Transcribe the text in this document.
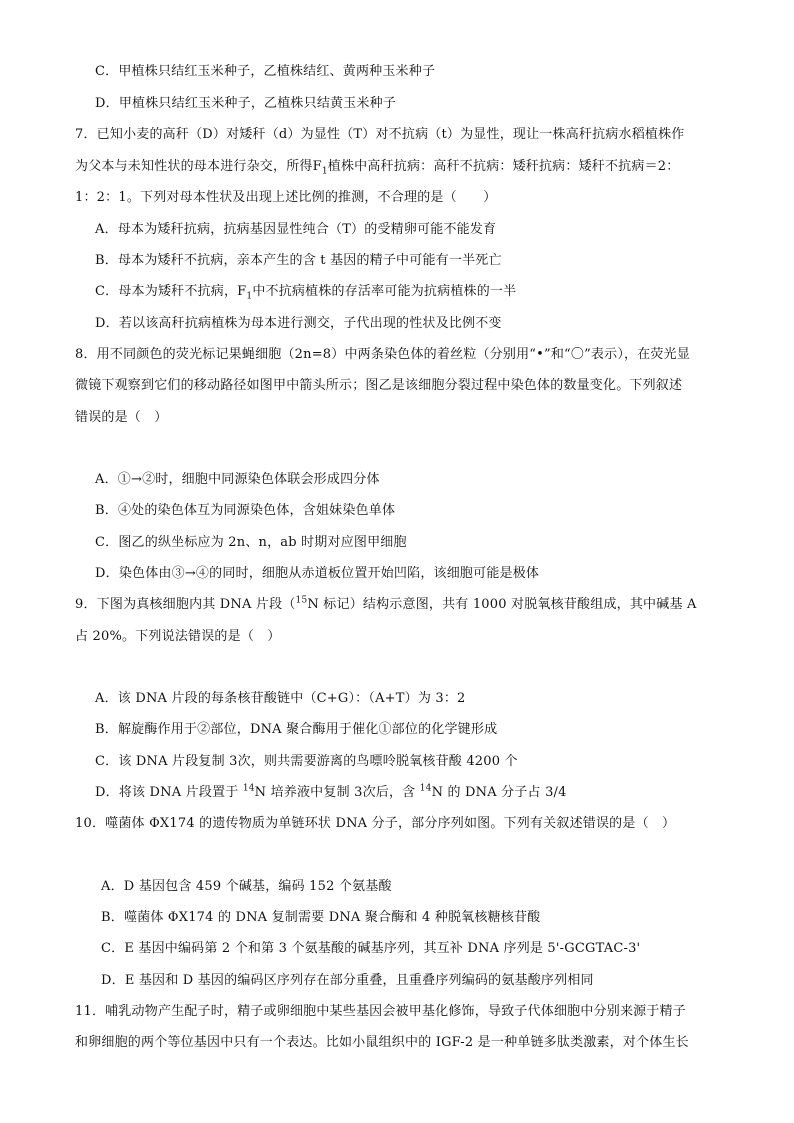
C．甲植株只结红玉米种子，乙植株结红、黄两种玉米种子
D．甲植株只结红玉米种子，乙植株只结黄玉米种子
7．已知小麦的高秆（D）对矮秆（d）为显性（T）对不抗病（t）为显性，现让一株高秆抗病水稻植株作
为父本与未知性状的母本进行杂交，所得$F_1$植株中高秆抗病：高秆不抗病：矮秆抗病：矮秆不抗病＝2：
1：2：1。下列对母本性状及出现上述比例的推测，不合理的是（　　）
A．母本为矮秆抗病，抗病基因显性纯合（T）的受精卵可能不能发育
B．母本为矮秆不抗病，亲本产生的含 t 基因的精子中可能有一半死亡
C．母本为矮秆不抗病，$F_1$中不抗病植株的存活率可能为抗病植株的一半
D．若以该高秆抗病植株为母本进行测交，子代出现的性状及比例不变
8．用不同颜色的荧光标记果蝇细胞（2n=8）中两条染色体的着丝粒（分别用“•”和“〇”表示），在荧光显
微镜下观察到它们的移动路径如图甲中箭头所示；图乙是该细胞分裂过程中染色体的数量变化。下列叙述
错误的是（　）
A．①→②时，细胞中同源染色体联会形成四分体
B．④处的染色体互为同源染色体，含姐妹染色单体
C．图乙的纵坐标应为 2n、n，ab 时期对应图甲细胞
D．染色体由③→④的同时，细胞从赤道板位置开始凹陷，该细胞可能是极体
9．下图为真核细胞内其 DNA 片段（$^{15}$N 标记）结构示意图，共有 1000 对脱氧核苷酸组成，其中碱基 A
占 20%。下列说法错误的是（　）
A．该 DNA 片段的每条核苷酸链中（C+G）：（A+T）为 3：2
B．解旋酶作用于②部位，DNA 聚合酶用于催化①部位的化学键形成
C．该 DNA 片段复制 3次，则共需要游离的鸟嘌呤脱氧核苷酸 4200 个
D．将该 DNA 片段置于 $^{14}$N 培养液中复制 3次后，含 $^{14}$N 的 DNA 分子占 3/4
10．噬菌体 ΦX174 的遗传物质为单链环状 DNA 分子，部分序列如图。下列有关叙述错误的是（　）
A．D 基因包含 459 个碱基，编码 152 个氨基酸
B．噬菌体 ΦX174 的 DNA 复制需要 DNA 聚合酶和 4 种脱氧核糖核苷酸
C．E 基因中编码第 2 个和第 3 个氨基酸的碱基序列，其互补 DNA 序列是 5'-GCGTAC-3'
D．E 基因和 D 基因的编码区序列存在部分重叠，且重叠序列编码的氨基酸序列相同
11．哺乳动物产生配子时，精子或卵细胞中某些基因会被甲基化修饰，导致子代体细胞中分别来源于精子
和卵细胞的两个等位基因中只有一个表达。比如小鼠组织中的 IGF-2 是一种单链多肽类激素，对个体生长
